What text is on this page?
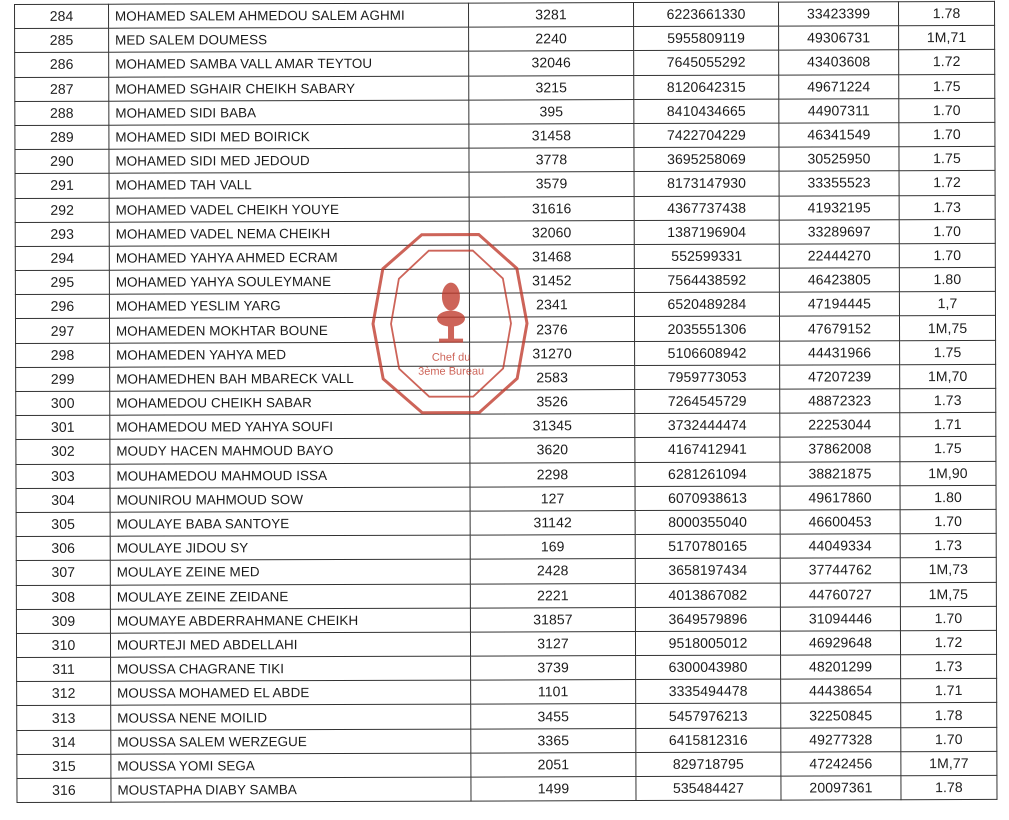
284	MOHAMED SALEM AHMEDOU SALEM AGHMI	3281	6223661330	33423399	1.78
285	MED SALEM DOUMESS	2240	5955809119	49306731	1M,71
286	MOHAMED SAMBA VALL AMAR TEYTOU	32046	7645055292	43403608	1.72
287	MOHAMED SGHAIR CHEIKH SABARY	3215	8120642315	49671224	1.75
288	MOHAMED SIDI BABA	395	8410434665	44907311	1.70
289	MOHAMED SIDI MED BOIRICK	31458	7422704229	46341549	1.70
290	MOHAMED SIDI MED JEDOUD	3778	3695258069	30525950	1.75
291	MOHAMED TAH VALL	3579	8173147930	33355523	1.72
292	MOHAMED VADEL CHEIKH YOUYE	31616	4367737438	41932195	1.73
293	MOHAMED VADEL NEMA CHEIKH	32060	1387196904	33289697	1.70
294	MOHAMED YAHYA AHMED ECRAM	31468	552599331	22444270	1.70
295	MOHAMED YAHYA SOULEYMANE	31452	7564438592	46423805	1.80
296	MOHAMED YESLIM YARG	2341	6520489284	47194445	1,7
297	MOHAMEDEN MOKHTAR BOUNE	2376	2035551306	47679152	1M,75
298	MOHAMEDEN YAHYA MED	31270	5106608942	44431966	1.75
299	MOHAMEDHEN BAH MBARECK VALL	2583	7959773053	47207239	1M,70
300	MOHAMEDOU CHEIKH SABAR	3526	7264545729	48872323	1.73
301	MOHAMEDOU MED YAHYA SOUFI	31345	3732444474	22253044	1.71
302	MOUDY HACEN MAHMOUD BAYO	3620	4167412941	37862008	1.75
303	MOUHAMEDOU MAHMOUD ISSA	2298	6281261094	38821875	1M,90
304	MOUNIROU MAHMOUD SOW	127	6070938613	49617860	1.80
305	MOULAYE BABA SANTOYE	31142	8000355040	46600453	1.70
306	MOULAYE JIDOU SY	169	5170780165	44049334	1.73
307	MOULAYE ZEINE MED	2428	3658197434	37744762	1M,73
308	MOULAYE ZEINE ZEIDANE	2221	4013867082	44760727	1M,75
309	MOUMAYE ABDERRAHMANE CHEIKH	31857	3649579896	31094446	1.70
310	MOURTEJI MED ABDELLAHI	3127	9518005012	46929648	1.72
311	MOUSSA CHAGRANE TIKI	3739	6300043980	48201299	1.73
312	MOUSSA MOHAMED EL ABDE	1101	3335494478	44438654	1.71
313	MOUSSA NENE MOILID	3455	5457976213	32250845	1.78
314	MOUSSA SALEM WERZEGUE	3365	6415812316	49277328	1.70
315	MOUSSA YOMI SEGA	2051	829718795	47242456	1M,77
316	MOUSTAPHA DIABY SAMBA	1499	535484427	20097361	1.78
Chef du
3ème Bureau
